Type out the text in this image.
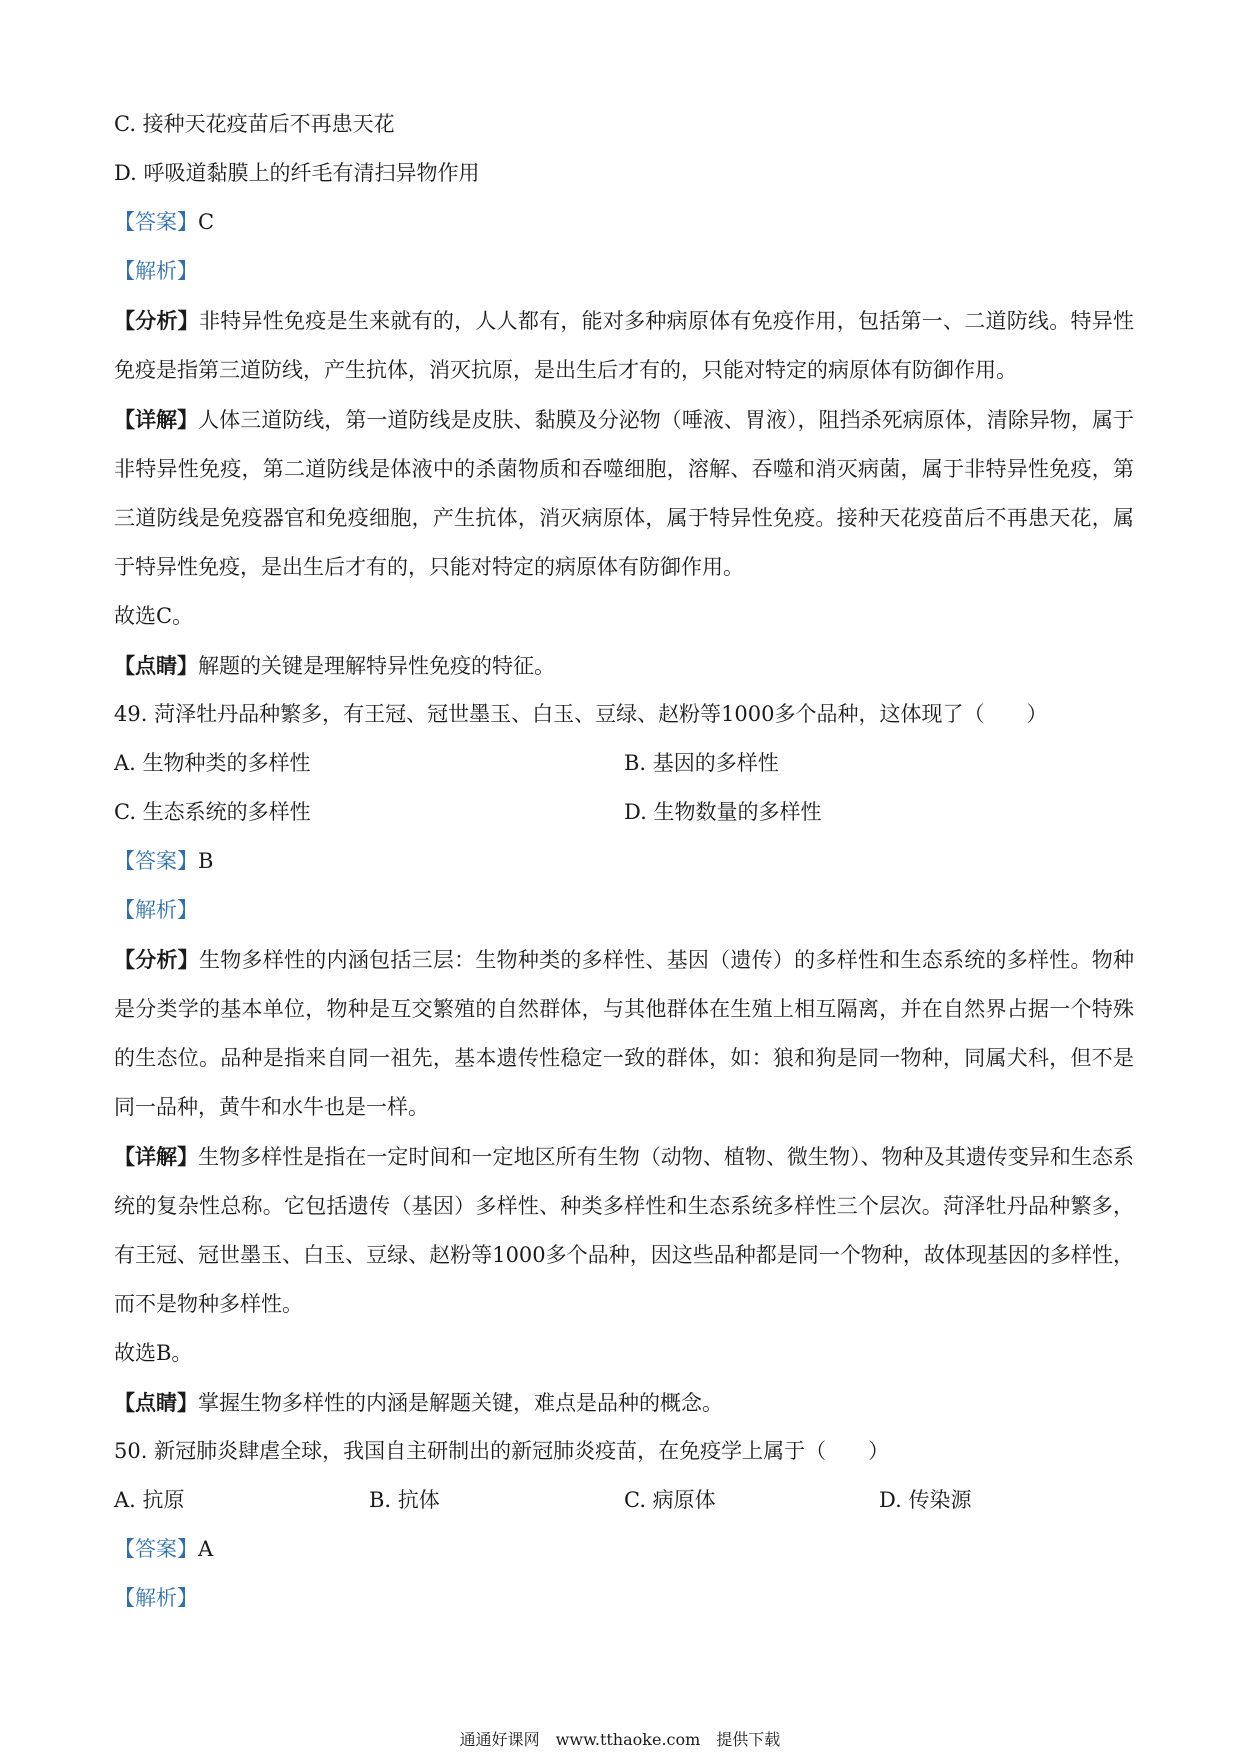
C. 接种天花疫苗后不再患天花
D. 呼吸道黏膜上的纤毛有清扫异物作用
【答案】C
【解析】
【分析】非特异性免疫是生来就有的，人人都有，能对多种病原体有免疫作用，包括第一、二道防线。特异性免疫是指第三道防线，产生抗体，消灭抗原，是出生后才有的，只能对特定的病原体有防御作用。
【详解】人体三道防线，第一道防线是皮肤、黏膜及分泌物（唾液、胃液），阻挡杀死病原体，清除异物，属于非特异性免疫，第二道防线是体液中的杀菌物质和吞噬细胞，溶解、吞噬和消灭病菌，属于非特异性免疫，第三道防线是免疫器官和免疫细胞，产生抗体，消灭病原体，属于特异性免疫。接种天花疫苗后不再患天花，属于特异性免疫，是出生后才有的，只能对特定的病原体有防御作用。
故选C。
【点睛】解题的关键是理解特异性免疫的特征。
49. 菏泽牡丹品种繁多，有王冠、冠世墨玉、白玉、豆绿、赵粉等1000多个品种，这体现了（　　）
A. 生物种类的多样性	B. 基因的多样性
C. 生态系统的多样性	D. 生物数量的多样性
【答案】B
【解析】
【分析】生物多样性的内涵包括三层：生物种类的多样性、基因（遗传）的多样性和生态系统的多样性。物种是分类学的基本单位，物种是互交繁殖的自然群体，与其他群体在生殖上相互隔离，并在自然界占据一个特殊的生态位。品种是指来自同一祖先，基本遗传性稳定一致的群体，如：狼和狗是同一物种，同属犬科，但不是同一品种，黄牛和水牛也是一样。
【详解】生物多样性是指在一定时间和一定地区所有生物（动物、植物、微生物）、物种及其遗传变异和生态系统的复杂性总称。它包括遗传（基因）多样性、种类多样性和生态系统多样性三个层次。菏泽牡丹品种繁多，有王冠、冠世墨玉、白玉、豆绿、赵粉等1000多个品种，因这些品种都是同一个物种，故体现基因的多样性，而不是物种多样性。
故选B。
【点睛】掌握生物多样性的内涵是解题关键，难点是品种的概念。
50. 新冠肺炎肆虐全球，我国自主研制出的新冠肺炎疫苗，在免疫学上属于（　　）
A. 抗原	B. 抗体	C. 病原体	D. 传染源
【答案】A
【解析】
通通好课网　www.tthaoke.com　提供下载
